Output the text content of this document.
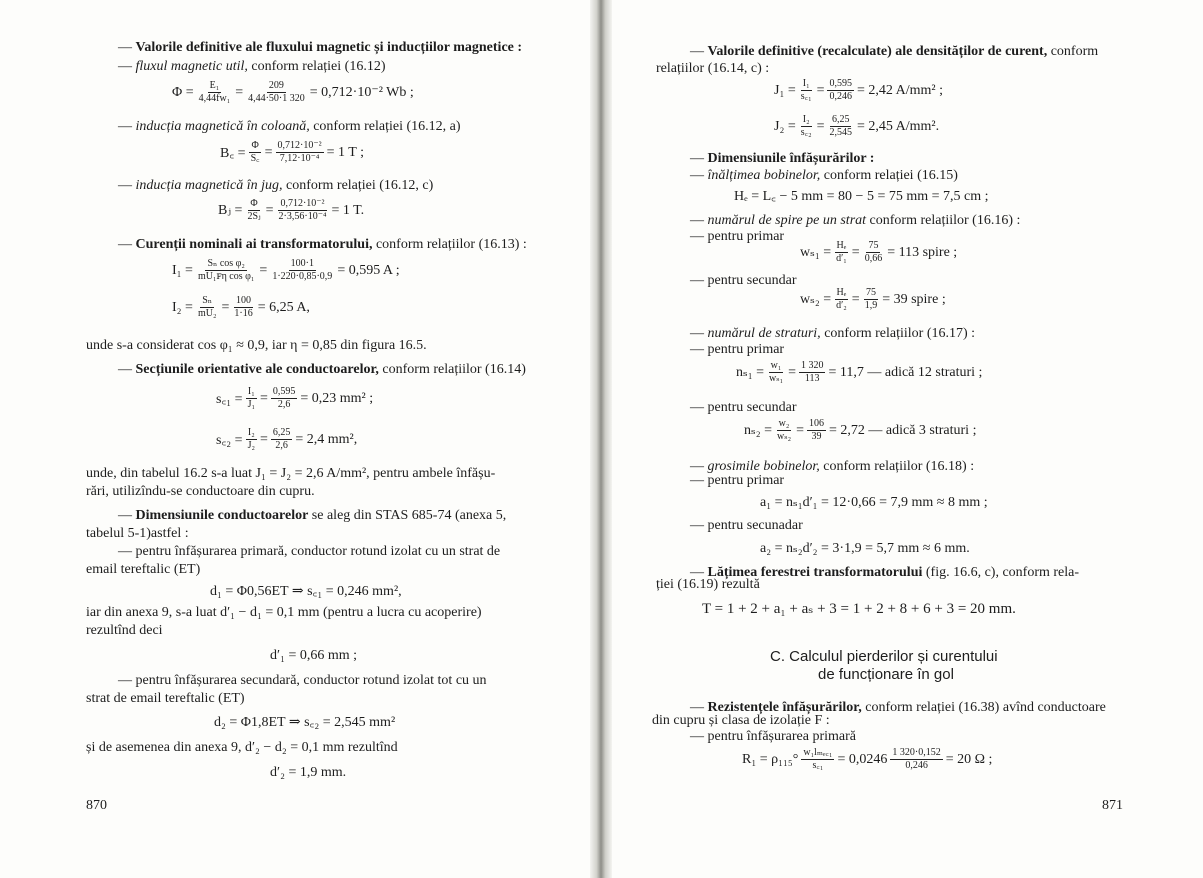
— Valorile definitive ale fluxului magnetic și inducțiilor magnetice :
— fluxul magnetic util, conform relației (16.12)
$\Phi = \frac{\text{E₁}}{\text{4,44fw₁}} = \frac{209}{4,44\cdot 50\cdot 1 320} = 0,712\cdot 10^{-2}$ Wb ;
— inducția magnetică în coloană, conform relației (16.12, a)
B꜀ = $\frac{\Phi}{S꜀} = \frac{\text{0,712·10⁻²}}{\text{7,12·10⁻⁴}} = 1$ T ;
— inducția magnetică în jug, conform relației (16.12, c)
Bⱼ = $\frac{\Phi}{\text{2Sⱼ}} = \frac{\text{0,712·10⁻²}}{\text{2·3,56·10⁻⁴}} = 1$ T.
— Curenții nominali ai transformatorului, conform relațiilor (16.13) :
$I_1 = \frac{\text{Sₙ cos φ₂}}{\text{mU₁ꜰη cos φ₁}} = \frac{100\cdot 1}{1\cdot 220\cdot 0,85\cdot 0,9} = 0,595$ A ;
$I_2 = \frac{\text{Sₙ}}{\text{mU₂}} = \frac{100}{1\cdot 16} = 6,25$ A,
unde s-a considerat cos φ₁ ≈ 0,9, iar η = 0,85 din figura 16.5.
— Secțiunile orientative ale conductoarelor, conform relațiilor (16.14)
s꜀₁ = $\frac{\text{I₁}}{\text{J₁}} = \frac{0,595}{2,6} = 0,23$ mm² ;
s꜀₂ = $\frac{\text{I₂}}{\text{J₂}} = \frac{6,25}{2,6} = 2,4$ mm²,
unde, din tabelul 16.2 s-a luat J₁ = J₂ = 2,6 A/mm², pentru ambele înfășu-
rări, utilizîndu-se conductoare din cupru.
— Dimensiunile conductoarelor se aleg din STAS 685-74 (anexa 5,
tabelul 5-1)astfel :
— pentru înfășurarea primară, conductor rotund izolat cu un strat de
email tereftalic (ET)
d₁ = Φ0,56ET ⇒ s꜀₁ = 0,246 mm²,
iar din anexa 9, s-a luat d′₁ − d₁ = 0,1 mm (pentru a lucra cu acoperire)
rezultînd deci
d′₁ = 0,66 mm ;
— pentru înfășurarea secundară, conductor rotund izolat tot cu un
strat de email tereftalic (ET)
d₂ = Φ1,8ET ⇒ s꜀₂ = 2,545 mm²
și de asemenea din anexa 9, d′₂ − d₂ = 0,1 mm rezultînd
d′₂ = 1,9 mm.
870
— Valorile definitive (recalculate) ale densităților de curent, conform
relațiilor (16.14, c) :
$J_1 = \frac{\text{I₁}}{\text{s꜀₁}} = \frac{0,595}{0,246} = 2,42$ A/mm² ;
$J_2 = \frac{\text{I₂}}{\text{s꜀₂}} = \frac{6,25}{2,545} = 2,45$ A/mm².
— Dimensiunile înfășurărilor :
— înălțimea bobinelor, conform relației (16.15)
Hₑ = L꜀ − 5 mm = 80 − 5 = 75 mm = 7,5 cm ;
— numărul de spire pe un strat conform relațiilor (16.16) :
— pentru primar
$w_{s1} = \frac{\text{Hₑ}}{\text{d′₁}} = \frac{75}{0,66} = 113$ spire ;
— pentru secundar
$w_{s2} = \frac{\text{Hₑ}}{\text{d′₂}} = \frac{75}{1,9} = 39$ spire ;
— numărul de straturi, conform relațiilor (16.17) :
— pentru primar
$n_{s1} = \frac{\text{w₁}}{\text{wₛ₁}} = \frac{1 320}{113} = 11,7$ — adică 12 straturi ;
— pentru secundar
$n_{s2} = \frac{\text{w₂}}{\text{wₛ₂}} = \frac{106}{39} = 2,72$ — adică 3 straturi ;
— grosimile bobinelor, conform relațiilor (16.18) :
— pentru primar
a₁ = nₛ₁d′₁ = 12·0,66 = 7,9 mm ≈ 8 mm ;
— pentru secunadar
a₂ = nₛ₂d′₂ = 3·1,9 = 5,7 mm ≈ 6 mm.
— Lățimea ferestrei transformatorului (fig. 16.6, c), conform rela-
ției (16.19) rezultă
T = 1 + 2 + a₁ + aₛ + 3 = 1 + 2 + 8 + 6 + 3 = 20 mm.
C. Calculul pierderilor și curentului
de funcționare în gol
— Rezistențele înfășurărilor, conform relației (16.38) avînd conductoare
din cupru și clasa de izolație F :
— pentru înfășurarea primară
R₁ = ρ₁₁₅° w₁lₘₑ꜀₁
s꜀₁ = $0,0246 \frac{1 320\cdot 0,152}{0,246} = 20$ Ω ;
871
